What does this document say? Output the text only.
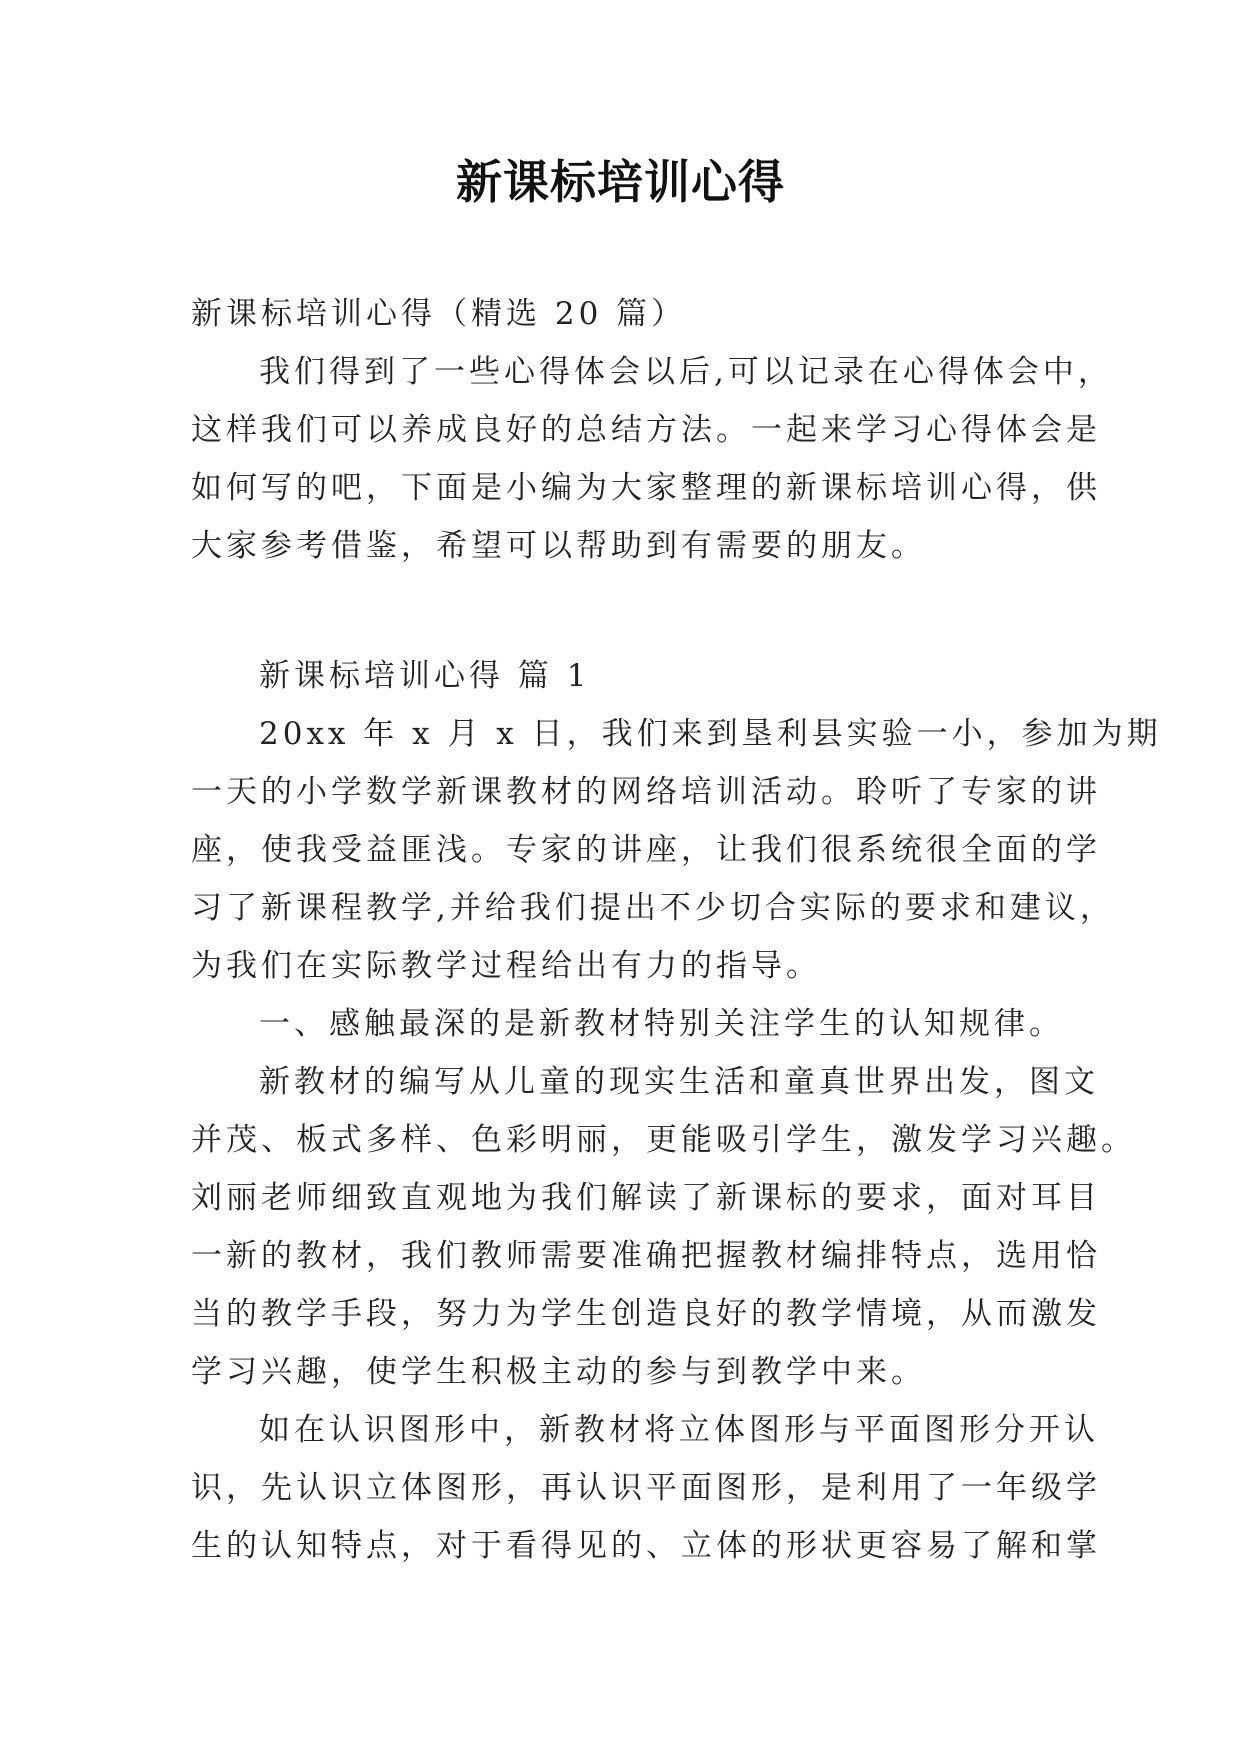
新课标培训心得
新课标培训心得（精选 20 篇）
我们得到了一些心得体会以后,可以记录在心得体会中，
这样我们可以养成良好的总结方法。一起来学习心得体会是
如何写的吧，下面是小编为大家整理的新课标培训心得，供
大家参考借鉴，希望可以帮助到有需要的朋友。
新课标培训心得 篇 1
20xx 年 x 月 x 日，我们来到垦利县实验一小，参加为期
一天的小学数学新课教材的网络培训活动。聆听了专家的讲
座，使我受益匪浅。专家的讲座，让我们很系统很全面的学
习了新课程教学,并给我们提出不少切合实际的要求和建议，
为我们在实际教学过程给出有力的指导。
一、感触最深的是新教材特别关注学生的认知规律。
新教材的编写从儿童的现实生活和童真世界出发，图文
并茂、板式多样、色彩明丽，更能吸引学生，激发学习兴趣。
刘丽老师细致直观地为我们解读了新课标的要求，面对耳目
一新的教材，我们教师需要准确把握教材编排特点，选用恰
当的教学手段，努力为学生创造良好的教学情境，从而激发
学习兴趣，使学生积极主动的参与到教学中来。
如在认识图形中，新教材将立体图形与平面图形分开认
识，先认识立体图形，再认识平面图形，是利用了一年级学
生的认知特点，对于看得见的、立体的形状更容易了解和掌
